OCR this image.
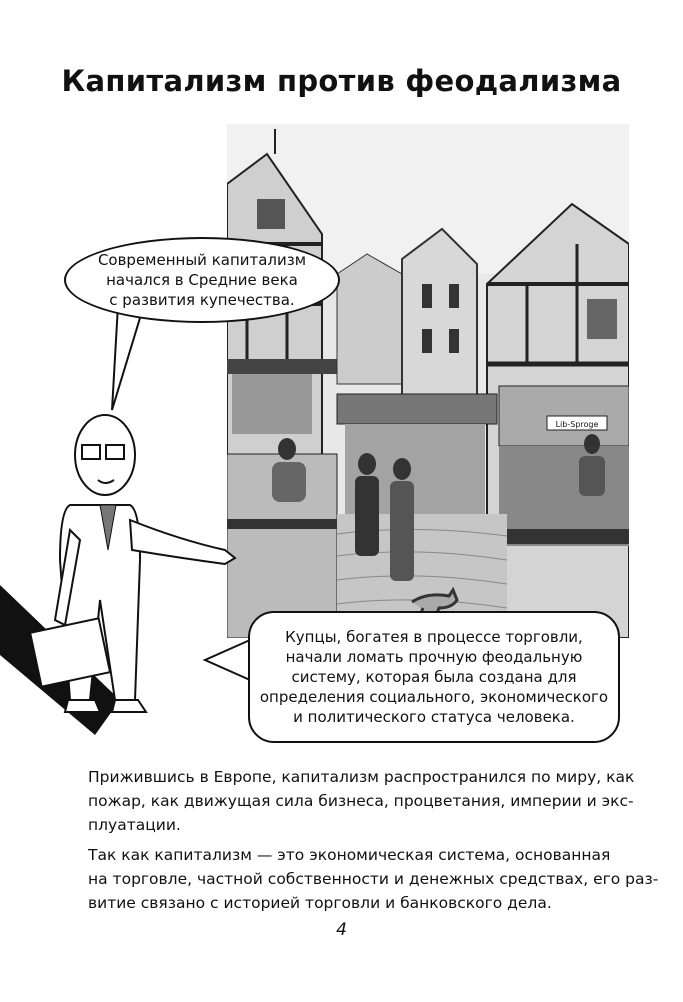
Капитализм против феодализма
Lib-Sproge
Современный капитализм
начался в Средние века
с развития купечества.
Купцы, богатея в процессе торговли,
начали ломать прочную феодальную
систему, которая была создана для
определения социального, экономического
и политического статуса человека.
Прижившись в Европе, капитализм распространился по миру, как
пожар, как движущая сила бизнеса, процветания, империи и экс-
плуатации.
Так как капитализм — это экономическая система, основанная
на торговле, частной собственности и денежных средствах, его раз-
витие связано с историей торговли и банковского дела.
4
